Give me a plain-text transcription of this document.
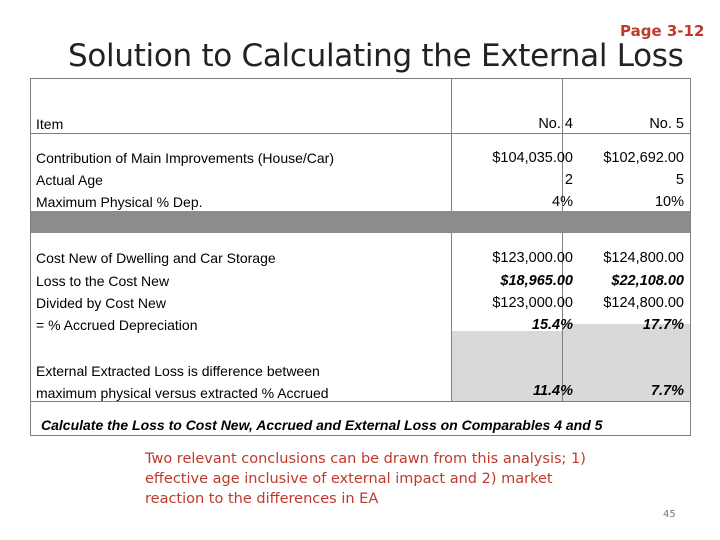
Page 3-12
Solution to Calculating the External Loss
Item	No. 4	No. 5
Contribution of Main Improvements (House/Car)	$104,035.00 $102,692.00
Actual Age	2	5
Maximum Physical % Dep.	4%	10%
Cost New of Dwelling and Car Storage	$123,000.00 $124,800.00
Loss to the Cost New	$18,965.00	$22,108.00
Divided by Cost New	$123,000.00 $124,800.00
= % Accrued Depreciation	15.4%	17.7%
External Extracted Loss is difference between
maximum physical versus extracted % Accrued	11.4%	7.7%
Calculate the Loss to Cost New, Accrued and External Loss on Comparables 4 and 5
Two relevant conclusions can be drawn from this analysis; 1) effective age inclusive of external impact and 2) market reaction to the differences in EA
45
